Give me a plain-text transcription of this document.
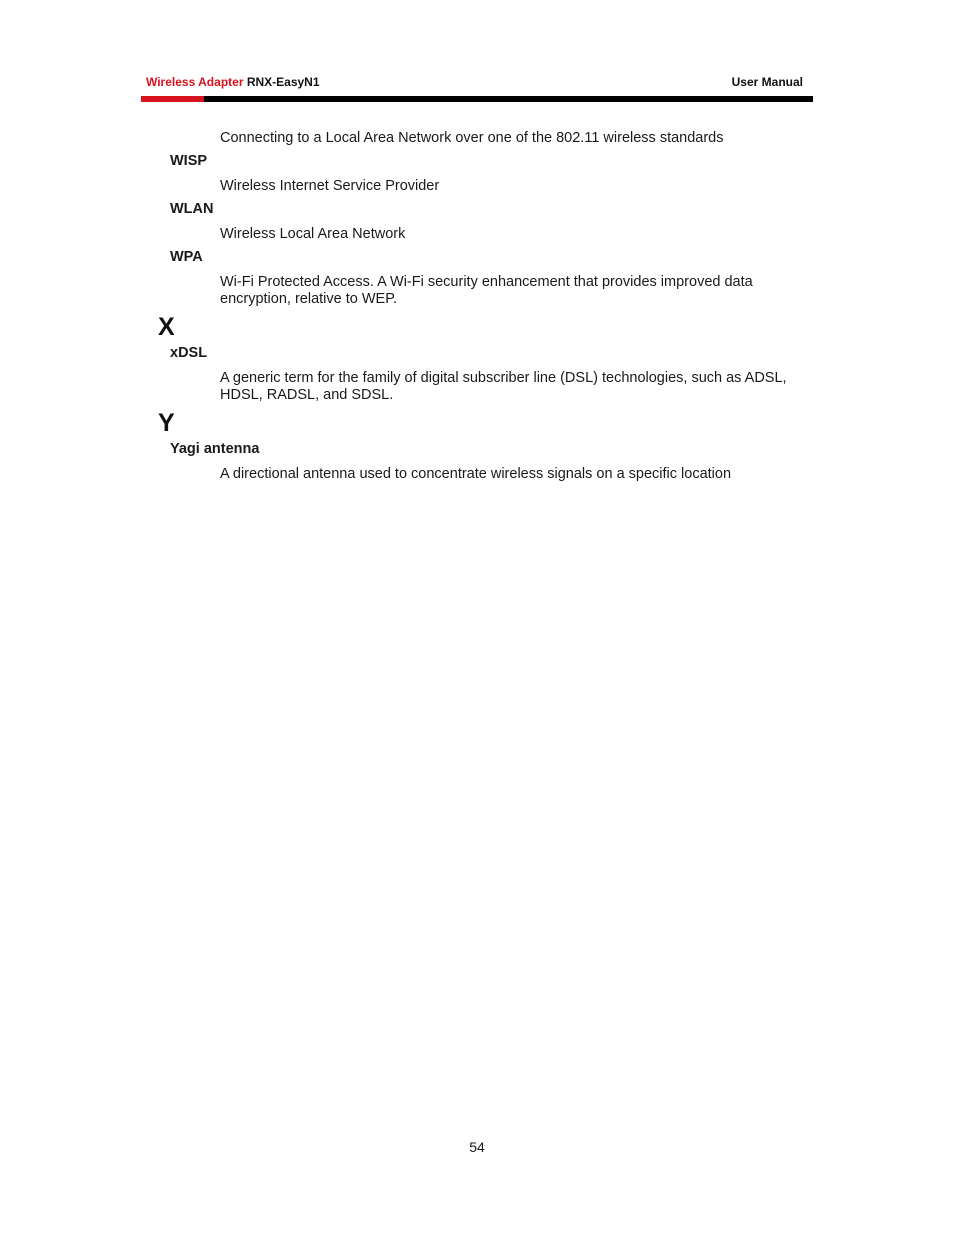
Wireless Adapter RNX-EasyN1	User Manual

Connecting to a Local Area Network over one of the 802.11 wireless standards

WISP

Wireless Internet Service Provider

WLAN

Wireless Local Area Network

WPA

Wi-Fi Protected Access. A Wi-Fi security enhancement that provides improved data encryption, relative to WEP.

X
xDSL

A generic term for the family of digital subscriber line (DSL) technologies, such as ADSL, HDSL, RADSL, and SDSL.

Y
Yagi antenna

A directional antenna used to concentrate wireless signals on a specific location

54
